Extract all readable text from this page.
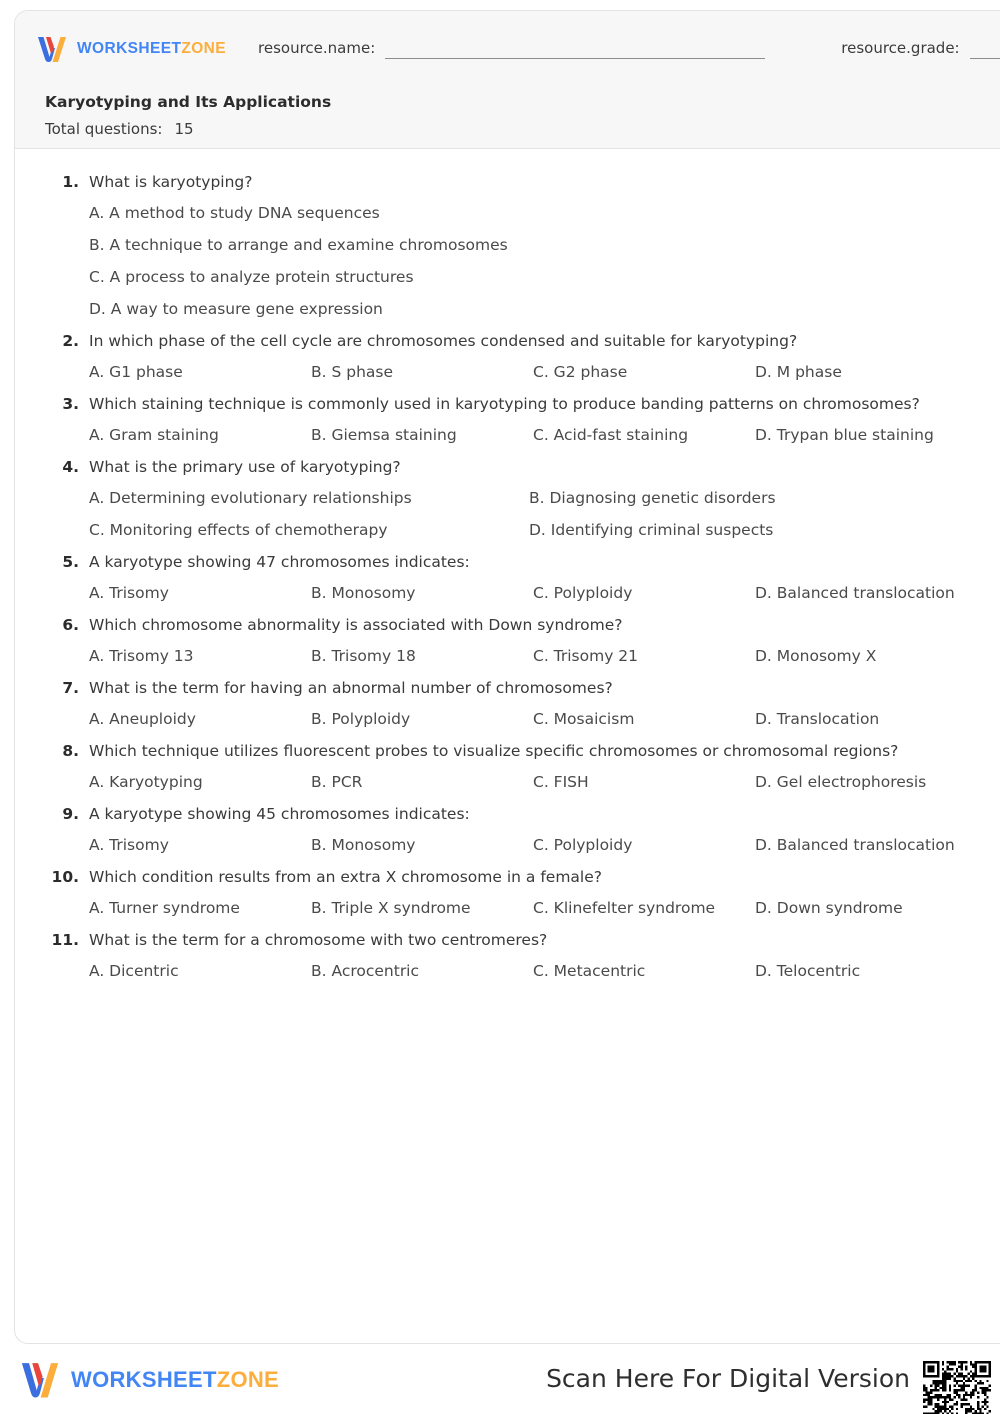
WORKSHEETZONE resource.name:	resource.grade:
Karyotyping and Its Applications
Total questions: 15
1. What is karyotyping?
A. A method to study DNA sequences
B. A technique to arrange and examine chromosomes
C. A process to analyze protein structures
D. A way to measure gene expression
2. In which phase of the cell cycle are chromosomes condensed and suitable for karyotyping?
A. G1 phase	B. S phase	C. G2 phase	D. M phase
3. Which staining technique is commonly used in karyotyping to produce banding patterns on chromosomes?
A. Gram staining	B. Giemsa staining	C. Acid-fast staining	D. Trypan blue staining
4. What is the primary use of karyotyping?
A. Determining evolutionary relationships	B. Diagnosing genetic disorders
C. Monitoring effects of chemotherapy	D. Identifying criminal suspects
5. A karyotype showing 47 chromosomes indicates:
A. Trisomy	B. Monosomy	C. Polyploidy	D. Balanced translocation
6. Which chromosome abnormality is associated with Down syndrome?
A. Trisomy 13	B. Trisomy 18	C. Trisomy 21	D. Monosomy X
7. What is the term for having an abnormal number of chromosomes?
A. Aneuploidy	B. Polyploidy	C. Mosaicism	D. Translocation
8. Which technique utilizes fluorescent probes to visualize specific chromosomes or chromosomal regions?
A. Karyotyping	B. PCR	C. FISH	D. Gel electrophoresis
9. A karyotype showing 45 chromosomes indicates:
A. Trisomy	B. Monosomy	C. Polyploidy	D. Balanced translocation
10. Which condition results from an extra X chromosome in a female?
A. Turner syndrome	B. Triple X syndrome	C. Klinefelter syndrome	D. Down syndrome
11. What is the term for a chromosome with two centromeres?
A. Dicentric	B. Acrocentric	C. Metacentric	D. Telocentric
WORKSHEETZONE	Scan Here For Digital Version
